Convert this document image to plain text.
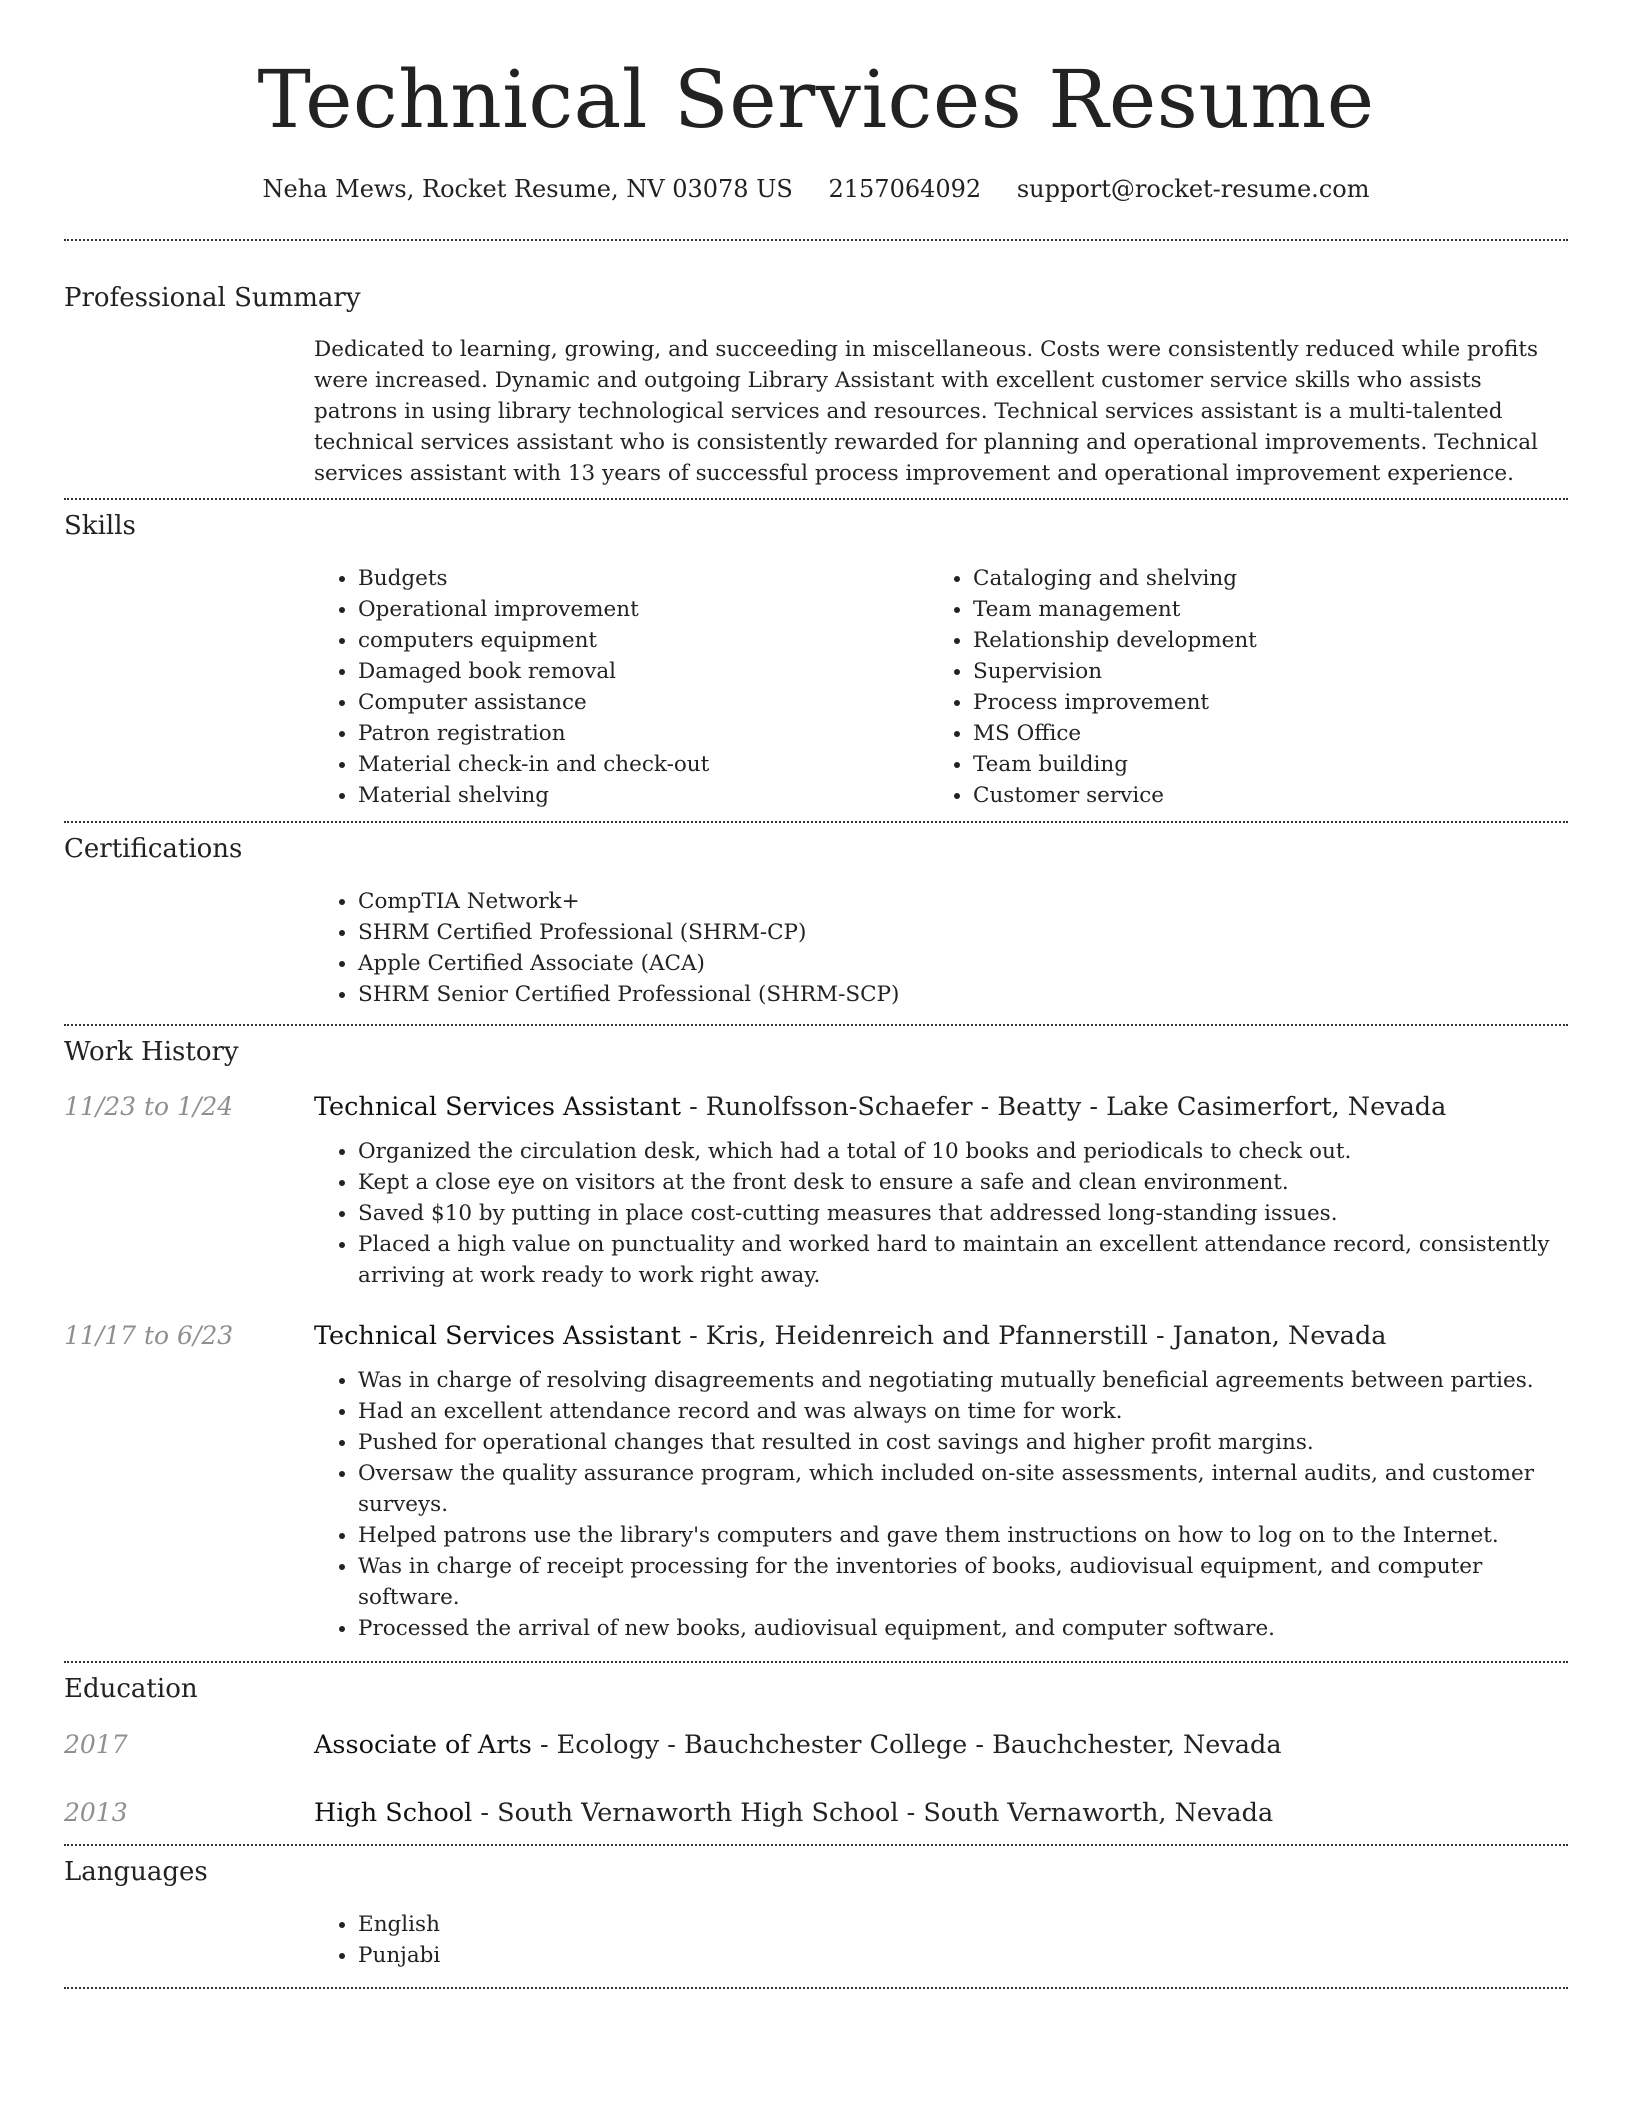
Technical Services Resume
Neha Mews, Rocket Resume, NV 03078 US 2157064092 support@rocket-resume.com
Professional Summary

Dedicated to learning, growing, and succeeding in miscellaneous. Costs were consistently reduced while profits were increased. Dynamic and outgoing Library Assistant with excellent customer service skills who assists patrons in using library technological services and resources. Technical services assistant is a multi-talented technical services assistant who is consistently rewarded for planning and operational improvements. Technical services assistant with 13 years of successful process improvement and operational improvement experience.

Skills
• Budgets
• Operational improvement
• computers equipment
• Damaged book removal
• Computer assistance
• Patron registration
• Material check-in and check-out
• Material shelving
• Cataloging and shelving
• Team management
• Relationship development
• Supervision
• Process improvement
• MS Office
• Team building
• Customer service
Certifications
• CompTIA Network+
• SHRM Certified Professional (SHRM-CP)
• Apple Certified Associate (ACA)
• SHRM Senior Certified Professional (SHRM-SCP)
Work History
11/23 to 1/24	Technical Services Assistant - Runolfsson-Schaefer - Beatty - Lake Casimerfort, Nevada
• Organized the circulation desk, which had a total of 10 books and periodicals to check out.
• Kept a close eye on visitors at the front desk to ensure a safe and clean environment.
• Saved $10 by putting in place cost-cutting measures that addressed long-standing issues.
• Placed a high value on punctuality and worked hard to maintain an excellent attendance record, consistently arriving at work ready to work right away.
11/17 to 6/23	Technical Services Assistant - Kris, Heidenreich and Pfannerstill - Janaton, Nevada
• Was in charge of resolving disagreements and negotiating mutually beneficial agreements between parties.
• Had an excellent attendance record and was always on time for work.
• Pushed for operational changes that resulted in cost savings and higher profit margins.
• Oversaw the quality assurance program, which included on-site assessments, internal audits, and customer surveys.
• Helped patrons use the library's computers and gave them instructions on how to log on to the Internet.
• Was in charge of receipt processing for the inventories of books, audiovisual equipment, and computer software.
• Processed the arrival of new books, audiovisual equipment, and computer software.
Education
2017	Associate of Arts - Ecology - Bauchchester College - Bauchchester, Nevada
2013	High School - South Vernaworth High School - South Vernaworth, Nevada
Languages
• English
• Punjabi
